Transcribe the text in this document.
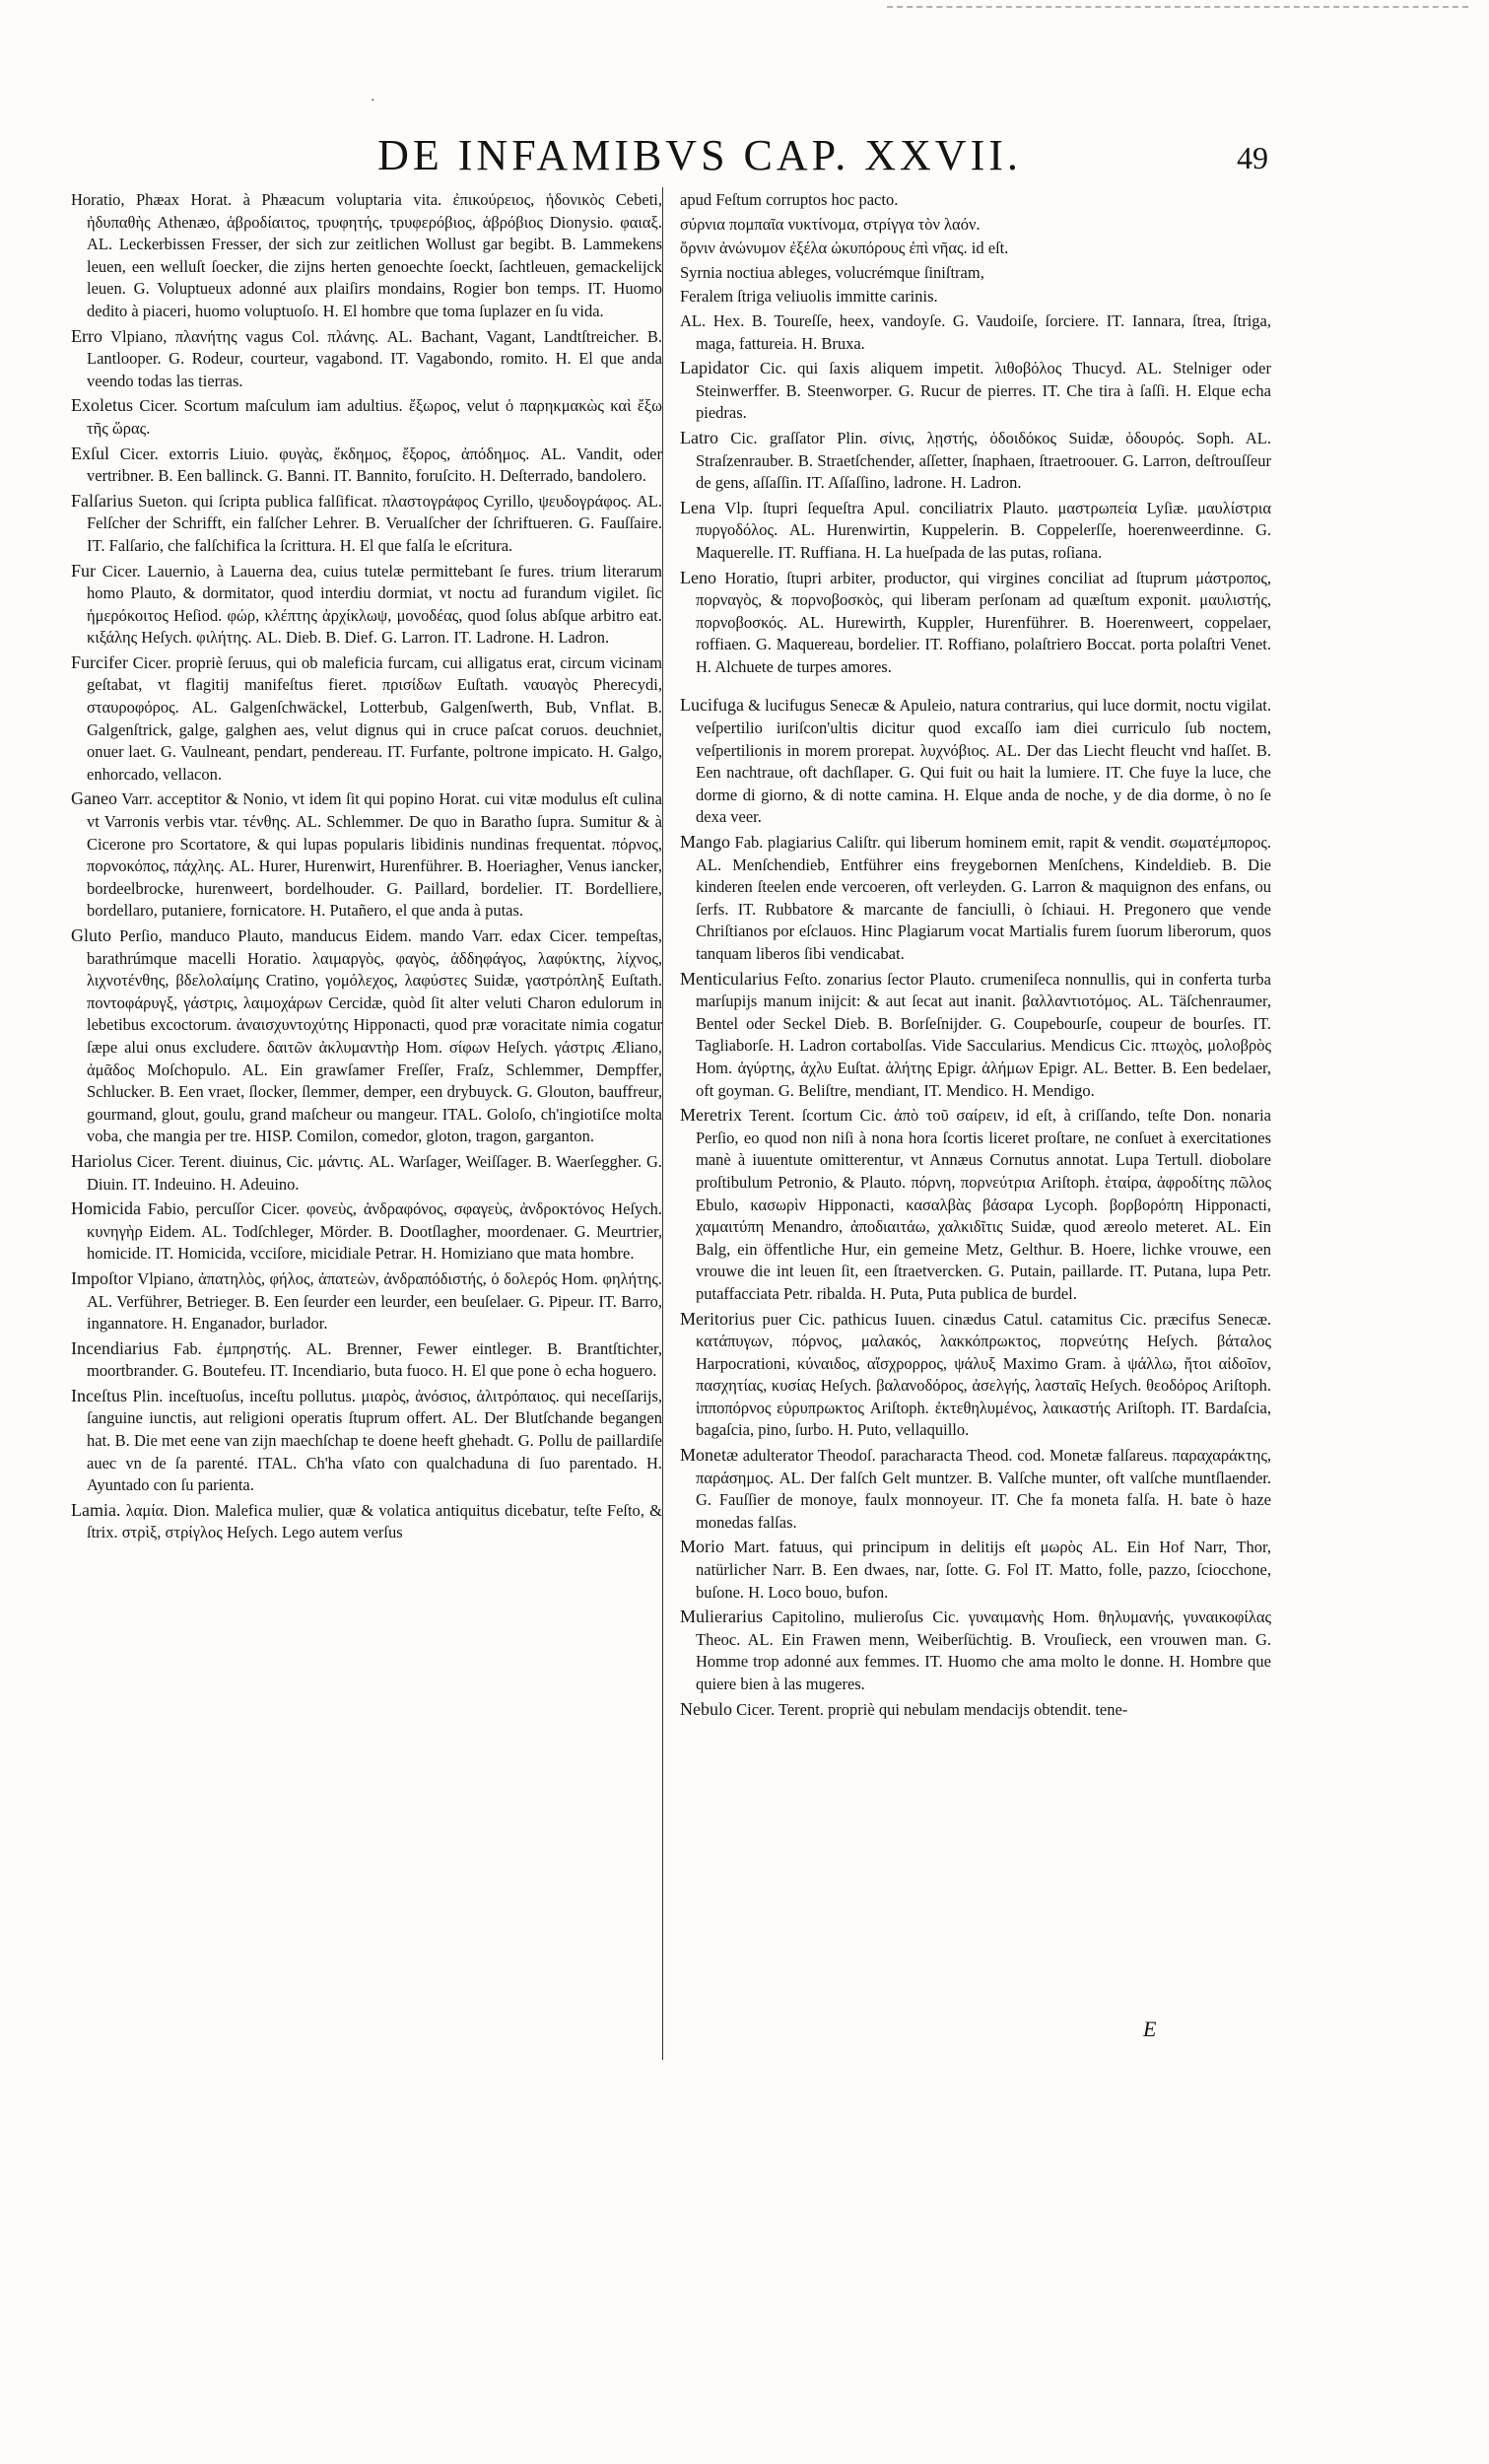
·
DE INFAMIBVS CAP. XXVII.	49

Horatio, Phæax Horat. à Phæacum voluptaria vita. ἐπικούρειος, ἡδονικὸς Cebeti, ἠδυπαθὴς Athenæo, ἁβροδίαιτος, τρυφητής, τρυφερόβιος, ἁβρόβιος Dionysio. φαιαξ. AL. Leckerbissen Fresser, der sich zur zeitlichen Wollust gar begibt. B. Lammekens leuen, een welluſt ſoecker, die zijns herten genoechte ſoeckt, ſachtleuen, gemackelijck leuen. G. Voluptueux adonné aux plaiſirs mondains, Rogier bon temps. IT. Huomo dedito à piaceri, huomo voluptuoſo. H. El hombre que toma ſuplazer en ſu vida.

Erro Vlpiano, πλανήτης vagus Col. πλάνης. AL. Bachant, Vagant, Landtſtreicher. B. Lantlooper. G. Rodeur, courteur, vagabond. IT. Vagabondo, romito. H. El que anda veendo todas las tierras.

Exoletus Cicer. Scortum maſculum iam adultius. ἔξωρος, velut ὁ παρηκμακὼς καὶ ἔξω τῆς ὥρας.

Exſul Cicer. extorris Liuio. φυγὰς, ἔκδημος, ἔξορος, ἀπόδημος. AL. Vandit, oder vertribner. B. Een ballinck. G. Banni. IT. Bannito, foruſcito. H. Deſterrado, bandolero.

Falſarius Sueton. qui ſcripta publica falſificat. πλαστογράφος Cyrillo, ψευδογράφος. AL. Felſcher der Schrifft, ein falſcher Lehrer. B. Verualſcher der ſchriftueren. G. Fauſſaire. IT. Falſario, che falſchifica la ſcrittura. H. El que falſa le eſcritura.

Fur Cicer. Lauernio, à Lauerna dea, cuius tutelæ permittebant ſe fures. trium literarum homo Plauto, & dormitator, quod interdiu dormiat, vt noctu ad furandum vigilet. ſic ἡμερόκοιτος Heſiod. φώρ, κλέπτης ἀρχίκλωψ, μονοδέας, quod ſolus abſque arbitro eat. κιξάλης Heſych. φιλήτης. AL. Dieb. B. Dief. G. Larron. IT. Ladrone. H. Ladron.

Furcifer Cicer. propriè ſeruus, qui ob maleficia furcam, cui alligatus erat, circum vicinam geſtabat, vt flagitij manifeſtus fieret. πρισίδων Euſtath. ναυαγὸς Pherecydi, σταυροφόρος. AL. Galgenſchwäckel, Lotterbub, Galgenſwerth, Bub, Vnflat. B. Galgenſtrick, galge, galghen aes, velut dignus qui in cruce paſcat coruos. deuchniet, onuer laet. G. Vaulneant, pendart, pendereau. IT. Furfante, poltrone impicato. H. Galgo, enhorcado, vellacon.

Ganeo Varr. acceptitor & Nonio, vt idem ſit qui popino Horat. cui vitæ modulus eſt culina vt Varronis verbis vtar. τένθης. AL. Schlemmer. De quo in Baratho ſupra. Sumitur & à Cicerone pro Scortatore, & qui lupas popularis libidinis nundinas frequentat. πόρνος, πορνοκόπος, πάχλης. AL. Hurer, Hurenwirt, Hurenführer. B. Hoeriagher, Venus iancker, bordeelbrocke, hurenweert, bordelhouder. G. Paillard, bordelier. IT. Bordelliere, bordellaro, putaniere, fornicatore. H. Putañero, el que anda à putas.

Gluto Perſio, manduco Plauto, manducus Eidem. mando Varr. edax Cicer. tempeſtas, barathrúmque macelli Horatio. λαιμαργὸς, φαγὸς, ἀδδηφάγος, λαφύκτης, λίχνος, λιχνοτένθης, βδελολαίμης Cratino, γομόλεχος, λαφύστες Suidæ, γαστρόπληξ Euſtath. ποντοφάρυγξ, γάστρις, λαιμοχάρων Cercidæ, quòd ſit alter veluti Charon edulorum in lebetibus excoctorum. ἀναισχυντοχύτης Hipponacti, quod præ voracitate nimia cogatur ſæpe alui onus excludere. δαιτῶν ἀκλυμαντὴρ Hom. σίφων Heſych. γάστρις Æliano, ἀμᾶδος Moſchopulo. AL. Ein grawſamer Freſſer, Fraſz, Schlemmer, Dempffer, Schlucker. B. Een vraet, ſlocker, ſlemmer, demper, een drybuyck. G. Glouton, bauffreur, gourmand, glout, goulu, grand maſcheur ou mangeur. ITAL. Goloſo, ch'ingiotiſce molta voba, che mangia per tre. HISP. Comilon, comedor, gloton, tragon, garganton.

Hariolus Cicer. Terent. diuinus, Cic. μάντις. AL. Warſager, Weiſſager. B. Waerſeggher. G. Diuin. IT. Indeuino. H. Adeuino.

Homicida Fabio, percuſſor Cicer. φονεὺς, ἀνδραφόνος, σφαγεὺς, ἀνδροκτόνος Heſych. κυνηγὴρ Eidem. AL. Todſchleger, Mörder. B. Dootſlagher, moordenaer. G. Meurtrier, homicide. IT. Homicida, vcciſore, micidiale Petrar. H. Homiziano que mata hombre.

Impoſtor Vlpiano, ἀπατηλὸς, φήλος, ἀπατεὼν, ἀνδραπόδιστής, ὁ δολερός Hom. φηλήτης. AL. Verführer, Betrieger. B. Een ſeurder een leurder, een beuſelaer. G. Pipeur. IT. Barro, ingannatore. H. Enganador, burlador.

Incendiarius Fab. ἐμπρηστής. AL. Brenner, Fewer eintleger. B. Brantſtichter, moortbrander. G. Boutefeu. IT. Incendiario, buta fuoco. H. El que pone ò echa hoguero.

Inceſtus Plin. inceſtuoſus, inceſtu pollutus. μιαρὸς, ἀνόσιος, ἀλιτρόπαιος. qui neceſſarijs, ſanguine iunctis, aut religioni operatis ſtuprum offert. AL. Der Blutſchande begangen hat. B. Die met eene van zijn maechſchap te doene heeft ghehadt. G. Pollu de paillardiſe auec vn de ſa parenté. ITAL. Ch'ha vſato con qualchaduna di ſuo parentado. H. Ayuntado con ſu parienta.

Lamia. λαμία. Dion. Malefica mulier, quæ & volatica antiquitus dicebatur, teſte Feſto, & ſtrix. στρὶξ, στρίγλος Heſych. Lego autem verſus

apud Feſtum corruptos hoc pacto.

σύρνια πομπαῖα νυκτίνομα, στρίγγα τὸν λαόν.

ὄρνιν ἀνώνυμον ἐξέλα ὠκυπόρους ἐπὶ νῆας. id eſt.

Syrnia noctiua ableges, volucrémque ſiniſtram,

Feralem ſtriga veliuolis immitte carinis.

AL. Hex. B. Toureſſe, heex, vandoyſe. G. Vaudoiſe, ſorciere. IT. Iannara, ſtrea, ſtriga, maga, fattureia. H. Bruxa.

Lapidator Cic. qui ſaxis aliquem impetit. λιθοβόλος Thucyd. AL. Stelniger oder Steinwerffer. B. Steenworper. G. Rucur de pierres. IT. Che tira à ſaſſi. H. Elque echa piedras.

Latro Cic. graſſator Plin. σίνις, λῃστής, ὁδοιδόκος Suidæ, ὁδουρός. Soph. AL. Straſzenrauber. B. Straetſchender, aſſetter, ſnaphaen, ſtraetroouer. G. Larron, deſtrouſſeur de gens, aſſaſſin. IT. Aſſaſſino, ladrone. H. Ladron.

Lena Vlp. ſtupri ſequeſtra Apul. conciliatrix Plauto. μαστρωπεία Lyſiæ. μαυλίστρια πυργοδόλος. AL. Hurenwirtin, Kuppelerin. B. Coppelerſſe, hoerenweerdinne. G. Maquerelle. IT. Ruffiana. H. La hueſpada de las putas, roſiana.

Leno Horatio, ſtupri arbiter, productor, qui virgines conciliat ad ſtuprum μάστροπος, πορναγὸς, & πορνοβοσκὸς, qui liberam perſonam ad quæſtum exponit. μαυλιστής, πορνοβοσκός. AL. Hurewirth, Kuppler, Hurenführer. B. Hoerenweert, coppelaer, roffiaen. G. Maquereau, bordelier. IT. Roffiano, polaſtriero Boccat. porta polaſtri Venet. H. Alchuete de turpes amores.

Lucifuga & lucifugus Senecæ & Apuleio, natura contrarius, qui luce dormit, noctu vigilat. veſpertilio iuriſcon'ultis dicitur quod excaſſo iam diei curriculo ſub noctem, veſpertilionis in morem prorepat. λυχνόβιος. AL. Der das Liecht fleucht vnd haſſet. B. Een nachtraue, oft dachſlaper. G. Qui fuit ou hait la lumiere. IT. Che fuye la luce, che dorme di giorno, & di notte camina. H. Elque anda de noche, y de dia dorme, ò no ſe dexa veer.

Mango Fab. plagiarius Caliſtr. qui liberum hominem emit, rapit & vendit. σωματέμπορος. AL. Menſchendieb, Entführer eins freygebornen Menſchens, Kindeldieb. B. Die kinderen ſteelen ende vercoeren, oft verleyden. G. Larron & maquignon des enfans, ou ſerfs. IT. Rubbatore & marcante de fanciulli, ò ſchiaui. H. Pregonero que vende Chriſtianos por eſclauos. Hinc Plagiarum vocat Martialis furem ſuorum liberorum, quos tanquam liberos ſibi vendicabat.

Menticularius Feſto. zonarius ſector Plauto. crumeniſeca nonnullis, qui in conferta turba marſupijs manum inijcit: & aut ſecat aut inanit. βαλλαντιοτόμος. AL. Täſchenraumer, Bentel oder Seckel Dieb. B. Borſeſnijder. G. Coupebourſe, coupeur de bourſes. IT. Tagliaborſe. H. Ladron cortabolſas. Vide Saccularius. Mendicus Cic. πτωχὸς, μολοβρὸς Hom. ἀγύρτης, ἀχλυ Euſtat. ἀλήτης Epigr. ἀλήμων Epigr. AL. Better. B. Een bedelaer, oft goyman. G. Beliſtre, mendiant, IT. Mendico. H. Mendigo.

Meretrix Terent. ſcortum Cic. ἀπὸ τοῦ σαίρειν, id eſt, à criſſando, teſte Don. nonaria Perſio, eo quod non niſi à nona hora ſcortis liceret proſtare, ne conſuet à exercitationes manè à iuuentute omitterentur, vt Annæus Cornutus annotat. Lupa Tertull. diobolare proſtibulum Petronio, & Plauto. πόρνη, πορνεύτρια Ariſtoph. ἑταίρα, ἀφροδίτης πῶλος Ebulo, κασωρὶν Hipponacti, κασαλβὰς βάσαρα Lycoph. βορβορόπη Hipponacti, χαμαιτύπη Menandro, ἀποδιαιτάω, χαλκιδῖτις Suidæ, quod æreolo meteret. AL. Ein Balg, ein öffentliche Hur, ein gemeine Metz, Gelthur. B. Hoere, lichke vrouwe, een vrouwe die int leuen ſit, een ſtraetvercken. G. Putain, paillarde. IT. Putana, lupa Petr. putaffacciata Petr. ribalda. H. Puta, Puta publica de burdel.

Meritorius puer Cic. pathicus Iuuen. cinædus Catul. catamitus Cic. præcifus Senecæ. κατάπυγων, πόρνος, μαλακός, λακκόπρωκτος, πορνεύτης Heſych. βάταλος Harpocrationi, κύναιδος, αἴσχρορρος, ψάλυξ Maximo Gram. à ψάλλω, ἤτοι αἰδοῖον, πασχητίας, κυσίας Heſych. βαλανοδόρος, ἀσελγής, λασταῖς Heſych. θεοδόρος Ariſtoph. ἱπποπόρνος εὐρυπρωκτος Ariſtoph. ἐκτεθηλυμένος, λαικαστής Ariſtoph. IT. Bardaſcia, bagaſcia, pino, ſurbo. H. Puto, vellaquillo.

Monetæ adulterator Theodoſ. paracharacta Theod. cod. Monetæ falſareus. παραχαράκτης, παράσημος. AL. Der falſch Gelt muntzer. B. Valſche munter, oft valſche muntſlaender. G. Fauſſier de monoye, faulx monnoyeur. IT. Che fa moneta falſa. H. bate ò haze monedas falſas.

Morio Mart. fatuus, qui principum in delitijs eſt μωρὸς AL. Ein Hof Narr, Thor, natürlicher Narr. B. Een dwaes, nar, ſotte. G. Fol IT. Matto, folle, pazzo, ſciocchone, buſone. H. Loco bouo, bufon.

Mulierarius Capitolino, mulieroſus Cic. γυναιμανὴς Hom. θηλυμανής, γυναικοφίλας Theoc. AL. Ein Frawen menn, Weiberſüchtig. B. Vrouſieck, een vrouwen man. G. Homme trop adonné aux femmes. IT. Huomo che ama molto le donne. H. Hombre que quiere bien à las mugeres.

Nebulo Cicer. Terent. propriè qui nebulam mendacijs obtendit. tene-

E
